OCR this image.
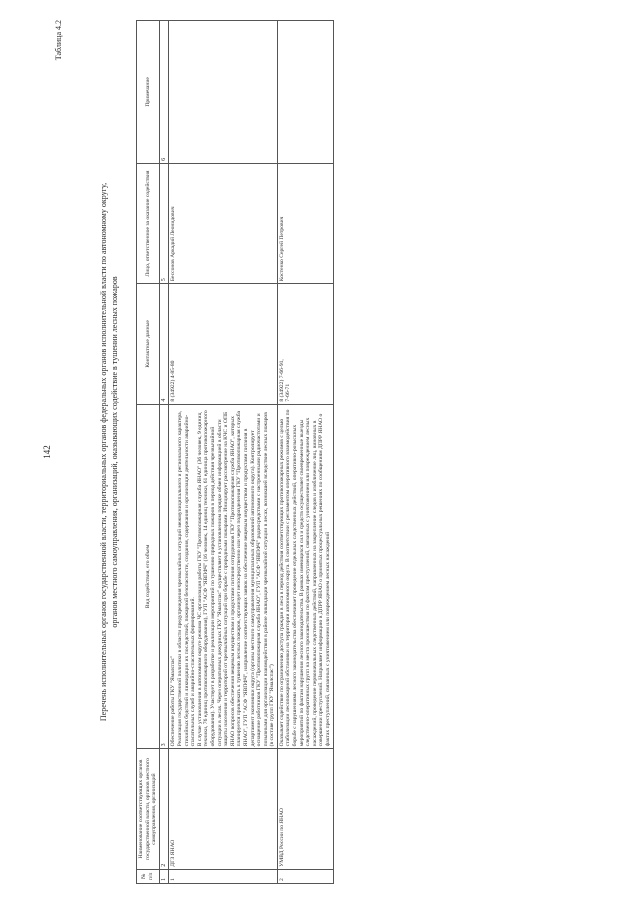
142
Таблица 4.2
Перечень исполнительных органов государственной власти, территориальных органов федеральных органов исполнительной власти по автономному округу, органов местного самоуправления, организаций, оказывающих содействие в тушении лесных пожаров
№ п/п	Наименование соответствующих органов государственной власти, органов местного самоуправления, организаций	Вид содействия, его объем	Контактные данные	Лицо, ответственное за оказание содействия	Примечание
1	2	3	4	5	6
1	ДГЗ ЯНАО	Обеспечение работы ГКУ "Ямалспас"
Реализация государственной политики в области предупреждения чрезвычайных ситуаций межмуниципального и регионального характера, стихийных бедствий и ликвидации их последствий, пожарной безопасности, создания, содержания и организации деятельности аварийно-спасательных служб и аварийно-спасательных формирований.
В случае установления в автономном округе режима ЧС организация работы ГКУ "Противопожарная служба ЯНАО" (36 человек, 9 единиц техники, 76 единиц противопожарного оборудования), ГУП "АСФ "ЯВПФЧ" (16 человек, 14 единиц техники, 61 единица противопожарного оборудования). Участвует в разработке и реализации мероприятий по тушению природных пожаров в период действия чрезвычайной ситуации в лесах. Через оперативных дежурных ГКУ "Ямалспас" осуществляет в установленном порядке обмен информацией в области защиты населения и территорий от чрезвычайных ситуаций при борьбе с природными пожарами. Инициирует рассмотрение на КЧС и ОПБ ЯНАО вопросов обеспечения вещевым имуществом и продуктами питания сотрудников ГКУ "Противопожарная служба ЯНАО", которых планируется привлекать к тушению лесных пожаров, организует непосредственно или через подразделения ГКУ "Противопожарная служба ЯНАО", ГУП "АСФ "ЯВПФЧ", направление соответствующих заявок на обеспечение вещевым имуществом и продуктами питания в департамент экономики округа (органы местного самоуправления муниципальных образований автономного округа). Контролирует оснащение работников ГКУ "Противопожарная служба ЯНАО", ГУП "АСФ "ЯВПФЧ" радиосредствами с настроенными радиочастотами и позывными для организации взаимодействия в районе ликвидации чрезвычайной ситуации в лесах, возникшей вследствие лесных пожаров (в составе групп ГКУ "Ямалспас")	8 (34922) 4-85-80	Бессонов Аркадий Леонидович	
2	УМВД России по ЯНАО	Оказывает содействие по ограничению доступа граждан в леса в период действия соответствующих противопожарных режимов с целью стабилизации лесопожарной обстановки на территории автономного округа. В соответствии с регламентом оперативного взаимодействия по борьбе с нарушениями лесного законодательства обеспечивает проведение отдельных следственных действий, оперативно-розыскных мероприятий по фактам нарушения лесного законодательства. В рамках имеющихся сил и средств осуществляет своевременные выезды следственно-оперативных групп на места происшествия по фактам преступлений, связанных с уничтожением или повреждением лесных насаждений, проведение первоначальных следственных действий, направленных на закрепление следов и изобличение лиц, виновных в совершении преступлений. Направляет информацию в ДПРР ЯНАО о принятых процессуальных решениях по сообщениям ДПРР ЯНАО о фактах преступлений, связанных с уничтожением или повреждением лесных насаждений	8 (34922) 7-66-91,
7-66-71	Костенко Сергей Петрович	
